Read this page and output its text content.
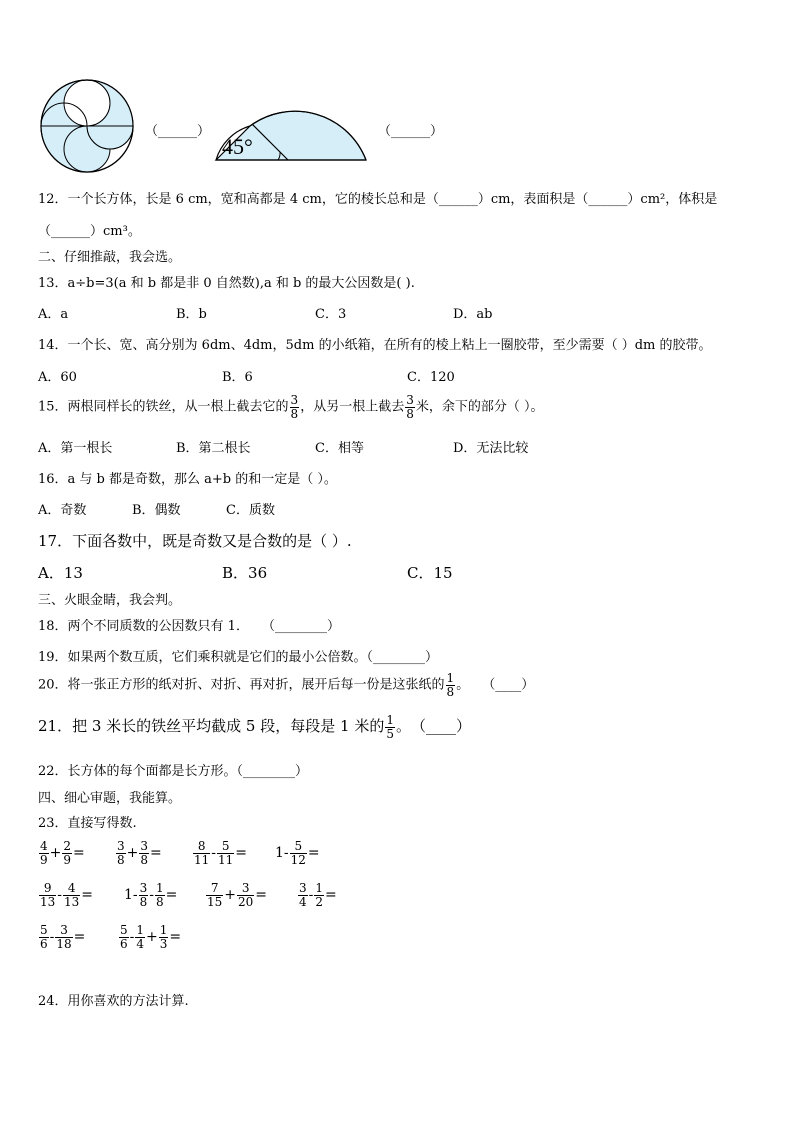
（______）
45°
（______）
12．一个长方体，长是 6 cm，宽和高都是 4 cm，它的棱长总和是（______）cm，表面积是（______）cm²，体积是
（______）cm³。
二、仔细推敲，我会选。
13．a÷b=3(a 和 b 都是非 0 自然数),a 和 b 的最大公因数是( ).
A．a	B．b	C．3	D．ab
14．一个长、宽、高分别为 6dm、4dm，5dm 的小纸箱，在所有的棱上粘上一圈胶带，至少需要（ ）dm 的胶带。
A．60	B．6	C．120
15．两根同样长的铁丝，从一根上截去它的 $\frac{3}{8}$ ，从另一根上截去 $\frac{3}{8}$ 米，余下的部分（ ）。
A．第一根长	B．第二根长	C．相等	D．无法比较
16．a 与 b 都是奇数，那么 a+b 的和一定是（ ）。
A．奇数	B．偶数	C．质数
17．下面各数中，既是奇数又是合数的是（ ）.
A．13	B．36	C．15
三、火眼金睛，我会判。
18．两个不同质数的公因数只有 1．　　（________）
19．如果两个数互质，它们乘积就是它们的最小公倍数。（________）
20．将一张正方形的纸对折、对折、再对折，展开后每一份是这张纸的 $\frac{1}{8}$ 。　　（____）
21．把 3 米长的铁丝平均截成 5 段，每段是 1 米的 $\frac{1}{5}$ 。　（____）
22．长方体的每个面都是长方形。（________）
四、细心审题，我能算。
23．直接写得数.
$\frac{4}{9} + \frac{2}{9}$ =	$\frac{3}{8} + \frac{3}{8}$ =	$\frac{8}{11} - \frac{5}{11} = 1- \frac{5}{12}$ =
$\frac{9}{13} - \frac{4}{13} = 1- \frac{3}{8} - \frac{1}{8} = \frac{7}{15} + \frac{3}{20}$ =	$\frac{3}{4} - \frac{1}{2}$ =
$\frac{5}{6} - \frac{3}{18}$ =	$\frac{5}{6} - \frac{1}{4} + \frac{1}{3}$ =
24．用你喜欢的方法计算.
